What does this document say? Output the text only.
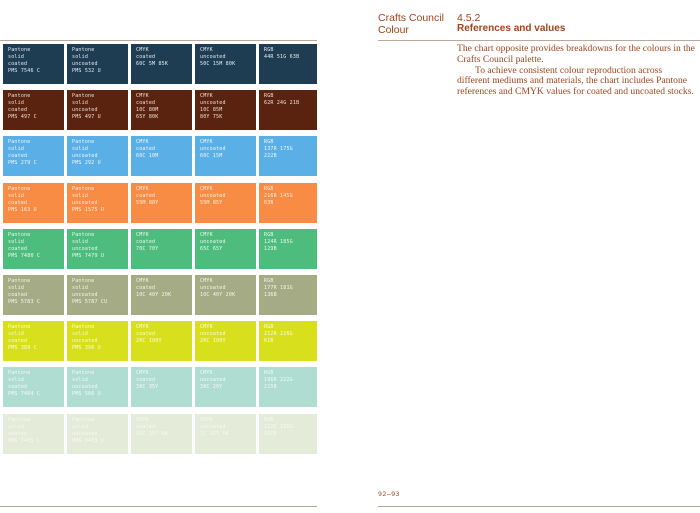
Pantone
solid
coated
PMS 7546 C
Pantone
solid
uncoated
PMS 532 U
CMYK
coated
60C 5M 85K
CMYK
uncoated
50C 15M 80K
RGB
44R 51G 63B
Pantone
solid
coated
PMS 497 C
Pantone
solid
uncoated
PMS 497 U
CMYK
coated
10C 80M
65Y 80K
CMYK
uncoated
10C 85M
80Y 75K
RGB
62R 24G 21B
Pantone
solid
coated
PMS 279 C
Pantone
solid
uncoated
PMS 292 U
CMYK
coated
60C 10M
CMYK
uncoated
60C 15M
RGB
137R 175G
222B
Pantone
solid
coated
PMS 163 U
Pantone
solid
uncoated
PMS 1575 U
CMYK
coated
55M 80Y
CMYK
uncoated
55M 85Y
RGB
216R 145G
63B
Pantone
solid
coated
PMS 7480 C
Pantone
solid
uncoated
PMS 7479 U
CMYK
coated
70C 70Y
CMYK
uncoated
65C 65Y
RGB
124R 185G
129B
Pantone
solid
coated
PMS 5783 C
Pantone
solid
uncoated
PMS 5787 CU
CMYK
coated
10C 40Y 20K
CMYK
uncoated
10C 40Y 20K
RGB
177R 181G
136B
Pantone
solid
coated
PMS 389 C
Pantone
solid
uncoated
PMS 396 U
CMYK
coated
20C 100Y
CMYK
uncoated
20C 100Y
RGB
212R 226G
61B
Pantone
solid
coated
PMS 7464 C
Pantone
solid
uncoated
PMS 566 U
CMYK
coated
30C 35Y
CMYK
uncoated
30C 20Y
RGB
196R 222G
215B
Pantone
solid
coated
PMS 7485 C
Pantone
solid
uncoated
PMS 9483 U
CMYK
coated
10C 15Y 5K
CMYK
uncoated
7C 15Y 5K
RGB
232R 236G
216B
Crafts Council Colour
4.5.2
References and values

The chart opposite provides breakdowns for the colours in the Crafts Council palette.

To achieve consistent colour reproduction across different mediums and materials, the chart includes Pantone references and CMYK values for coated and uncoated stocks.

92–93
